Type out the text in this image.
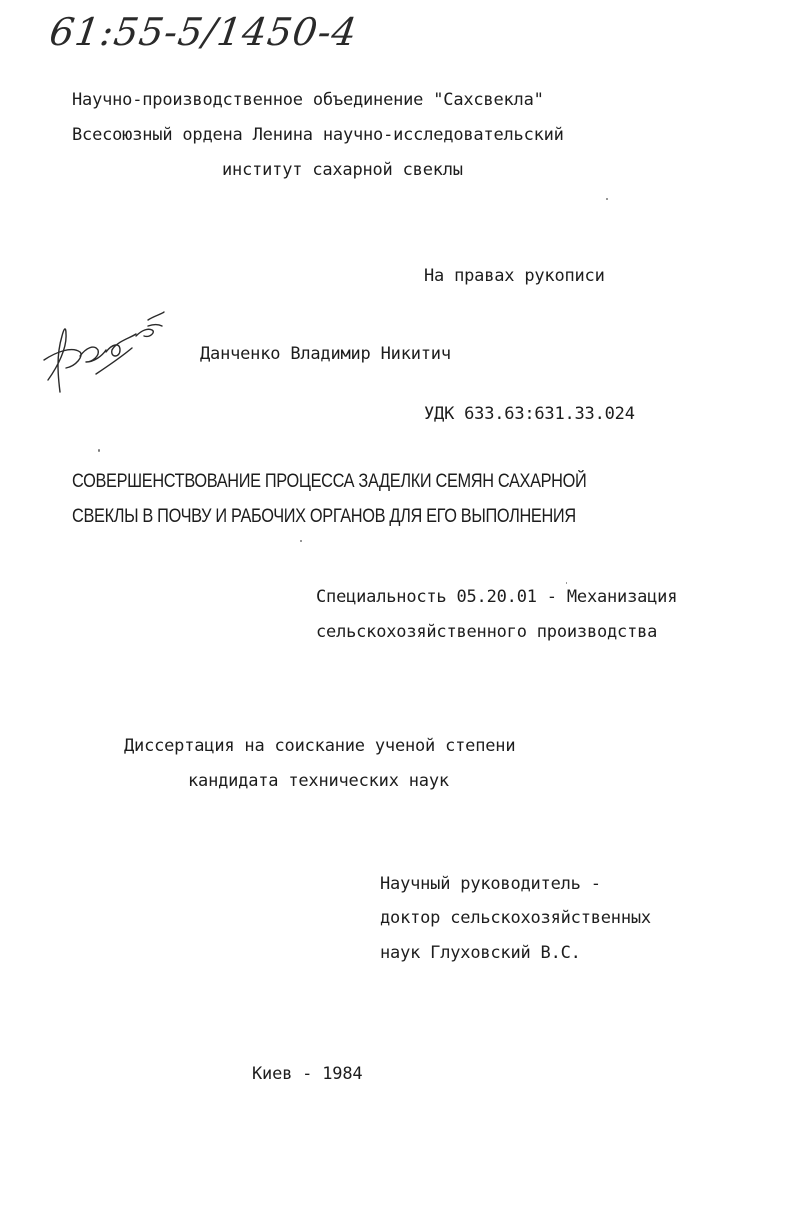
61:55-5/1450-4
Научно-производственное объединение "Сахсвекла"
Всесоюзный ордена Ленина научно-исследовательский
институт сахарной свеклы
На правах рукописи
Данченко Владимир Никитич
УДК 633.63:631.33.024
СОВЕРШЕНСТВОВАНИЕ ПРОЦЕССА ЗАДЕЛКИ СЕМЯН САХАРНОЙ
СВЕКЛЫ В ПОЧВУ И РАБОЧИХ ОРГАНОВ ДЛЯ ЕГО ВЫПОЛНЕНИЯ
Специальность 05.20.01 - Механизация
сельскохозяйственного производства
Диссертация на соискание ученой степени
кандидата технических наук
Научный руководитель -
доктор сельскохозяйственных
наук Глуховский В.С.
Киев - 1984
